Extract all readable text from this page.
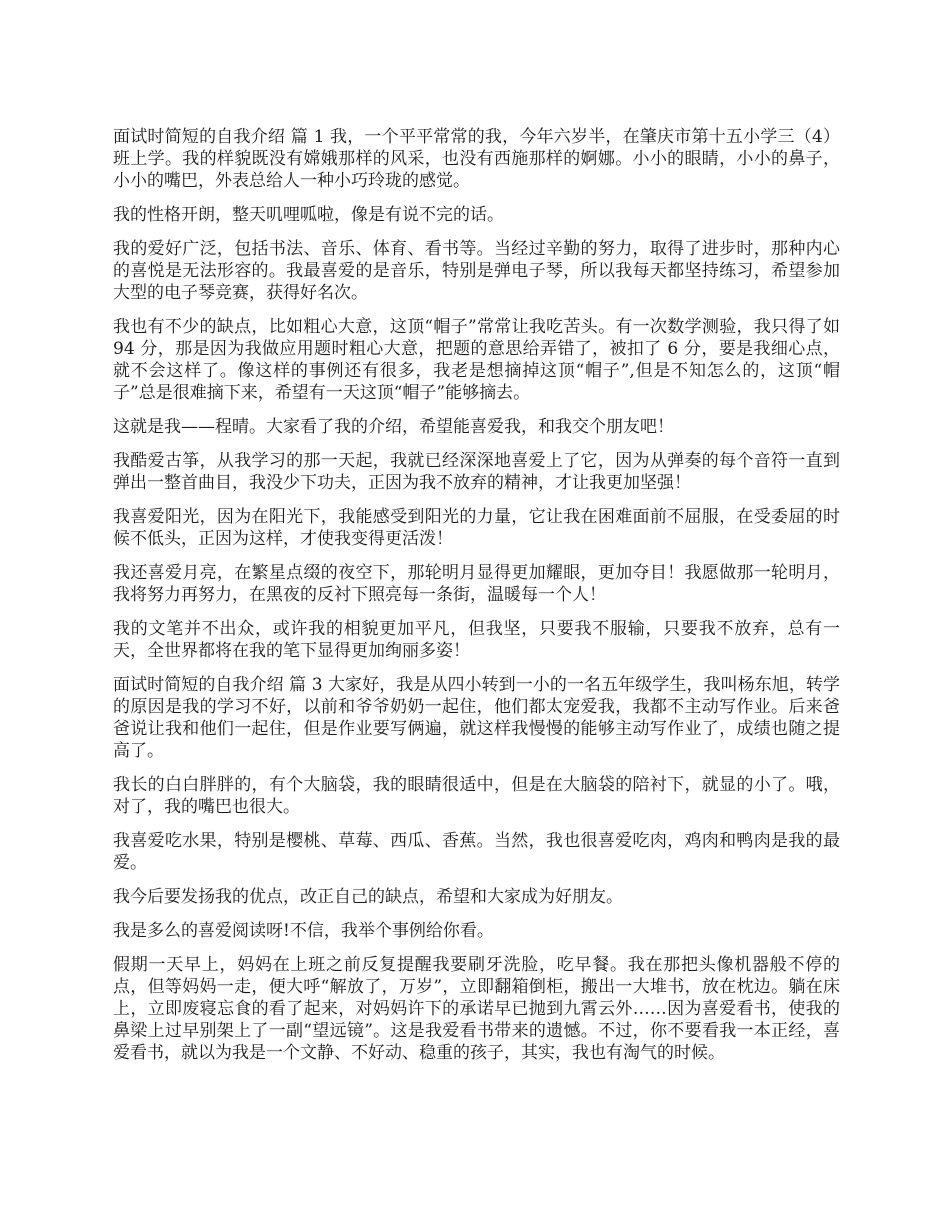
面试时简短的自我介绍 篇 1 我，一个平平常常的我，今年六岁半，在肇庆市第十五小学三（4）班上学。我的样貌既没有嫦娥那样的风采，也没有西施那样的婀娜。小小的眼睛，小小的鼻子，小小的嘴巴，外表总给人一种小巧玲珑的感觉。

我的性格开朗，整天叽哩呱啦，像是有说不完的话。

我的爱好广泛，包括书法、音乐、体育、看书等。当经过辛勤的努力，取得了进步时，那种内心的喜悦是无法形容的。我最喜爱的是音乐，特别是弹电子琴，所以我每天都坚持练习，希望参加大型的电子琴竞赛，获得好名次。

我也有不少的缺点，比如粗心大意，这顶“帽子”常常让我吃苦头。有一次数学测验，我只得了如 94 分，那是因为我做应用题时粗心大意，把题的意思给弄错了，被扣了 6 分，要是我细心点，就不会这样了。像这样的事例还有很多，我老是想摘掉这顶“帽子”,但是不知怎么的，这顶“帽子”总是很难摘下来，希望有一天这顶“帽子”能够摘去。

这就是我——程晴。大家看了我的介绍，希望能喜爱我，和我交个朋友吧！

我酷爱古筝，从我学习的那一天起，我就已经深深地喜爱上了它，因为从弹奏的每个音符一直到弹出一整首曲目，我没少下功夫，正因为我不放弃的精神，才让我更加坚强！

我喜爱阳光，因为在阳光下，我能感受到阳光的力量，它让我在困难面前不屈服，在受委屈的时候不低头，正因为这样，才使我变得更活泼！

我还喜爱月亮，在繁星点缀的夜空下，那轮明月显得更加耀眼，更加夺目！我愿做那一轮明月，我将努力再努力，在黑夜的反衬下照亮每一条街，温暖每一个人！

我的文笔并不出众，或许我的相貌更加平凡，但我坚，只要我不服输，只要我不放弃，总有一天，全世界都将在我的笔下显得更加绚丽多姿！

面试时简短的自我介绍 篇 3 大家好，我是从四小转到一小的一名五年级学生，我叫杨东旭，转学的原因是我的学习不好，以前和爷爷奶奶一起住，他们都太宠爱我，我都不主动写作业。后来爸爸说让我和他们一起住，但是作业要写俩遍，就这样我慢慢的能够主动写作业了，成绩也随之提高了。

我长的白白胖胖的，有个大脑袋，我的眼睛很适中，但是在大脑袋的陪衬下，就显的小了。哦，对了，我的嘴巴也很大。

我喜爱吃水果，特别是樱桃、草莓、西瓜、香蕉。当然，我也很喜爱吃肉，鸡肉和鸭肉是我的最爱。

我今后要发扬我的优点，改正自己的缺点，希望和大家成为好朋友。

我是多么的喜爱阅读呀!不信，我举个事例给你看。

假期一天早上，妈妈在上班之前反复提醒我要刷牙洗脸，吃早餐。我在那把头像机器般不停的点，但等妈妈一走，便大呼“解放了，万岁”，立即翻箱倒柜，搬出一大堆书，放在枕边。躺在床上，立即废寝忘食的看了起来，对妈妈许下的承诺早已抛到九霄云外……因为喜爱看书，使我的鼻梁上过早别架上了一副“望远镜”。这是我爱看书带来的遗憾。不过，你不要看我一本正经，喜爱看书，就以为我是一个文静、不好动、稳重的孩子，其实，我也有淘气的时候。
